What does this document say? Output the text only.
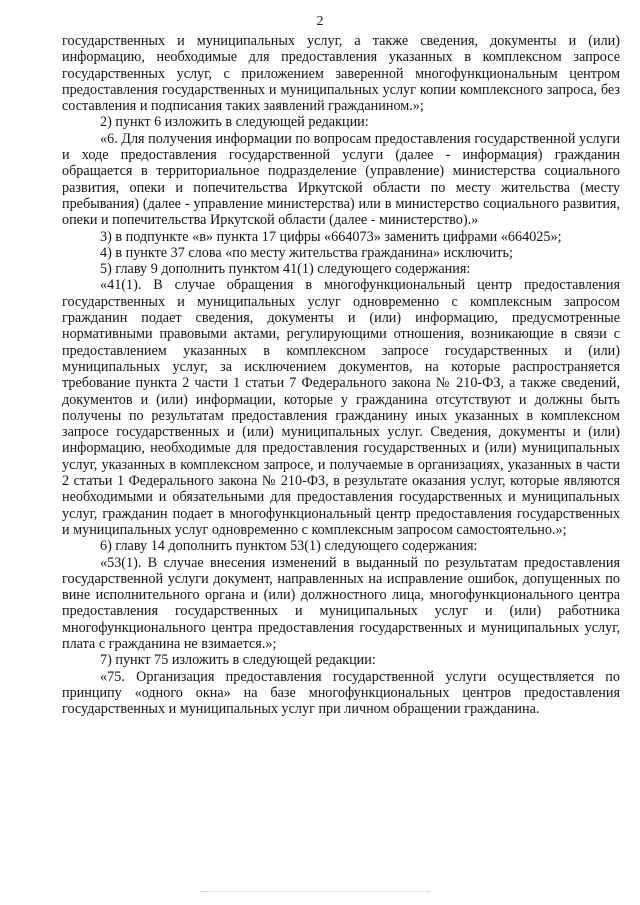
2

государственных и муниципальных услуг, а также сведения, документы и (или) информацию, необходимые для предоставления указанных в комплексном запросе государственных услуг, с приложением заверенной многофункциональным центром предоставления государственных и муниципальных услуг копии комплексного запроса, без составления и подписания таких заявлений гражданином.»;

2) пункт 6 изложить в следующей редакции:

«6. Для получения информации по вопросам предоставления государственной услуги и ходе предоставления государственной услуги (далее - информация) гражданин обращается в территориальное подразделение (управление) министерства социального развития, опеки и попечительства Иркутской области по месту жительства (месту пребывания) (далее - управление министерства) или в министерство социального развития, опеки и попечительства Иркутской области (далее - министерство).»

3) в подпункте «в» пункта 17 цифры «664073» заменить цифрами «664025»;

4) в пункте 37 слова «по месту жительства гражданина» исключить;

5) главу 9 дополнить пунктом 41(1) следующего содержания:

«41(1). В случае обращения в многофункциональный центр предоставления государственных и муниципальных услуг одновременно с комплексным запросом гражданин подает сведения, документы и (или) информацию, предусмотренные нормативными правовыми актами, регулирующими отношения, возникающие в связи с предоставлением указанных в комплексном запросе государственных и (или) муниципальных услуг, за исключением документов, на которые распространяется требование пункта 2 части 1 статьи 7 Федерального закона № 210-ФЗ, а также сведений, документов и (или) информации, которые у гражданина отсутствуют и должны быть получены по результатам предоставления гражданину иных указанных в комплексном запросе государственных и (или) муниципальных услуг. Сведения, документы и (или) информацию, необходимые для предоставления государственных и (или) муниципальных услуг, указанных в комплексном запросе, и получаемые в организациях, указанных в части 2 статьи 1 Федерального закона № 210-ФЗ, в результате оказания услуг, которые являются необходимыми и обязательными для предоставления государственных и муниципальных услуг, гражданин подает в многофункциональный центр предоставления государственных и муниципальных услуг одновременно с комплексным запросом самостоятельно.»;

6) главу 14 дополнить пунктом 53(1) следующего содержания:

«53(1). В случае внесения изменений в выданный по результатам предоставления государственной услуги документ, направленных на исправление ошибок, допущенных по вине исполнительного органа и (или) должностного лица, многофункционального центра предоставления государственных и муниципальных услуг и (или) работника многофункционального центра предоставления государственных и муниципальных услуг, плата с гражданина не взимается.»;

7) пункт 75 изложить в следующей редакции:

«75. Организация предоставления государственной услуги осуществляется по принципу «одного окна» на базе многофункциональных центров предоставления государственных и муниципальных услуг при личном обращении гражданина.
